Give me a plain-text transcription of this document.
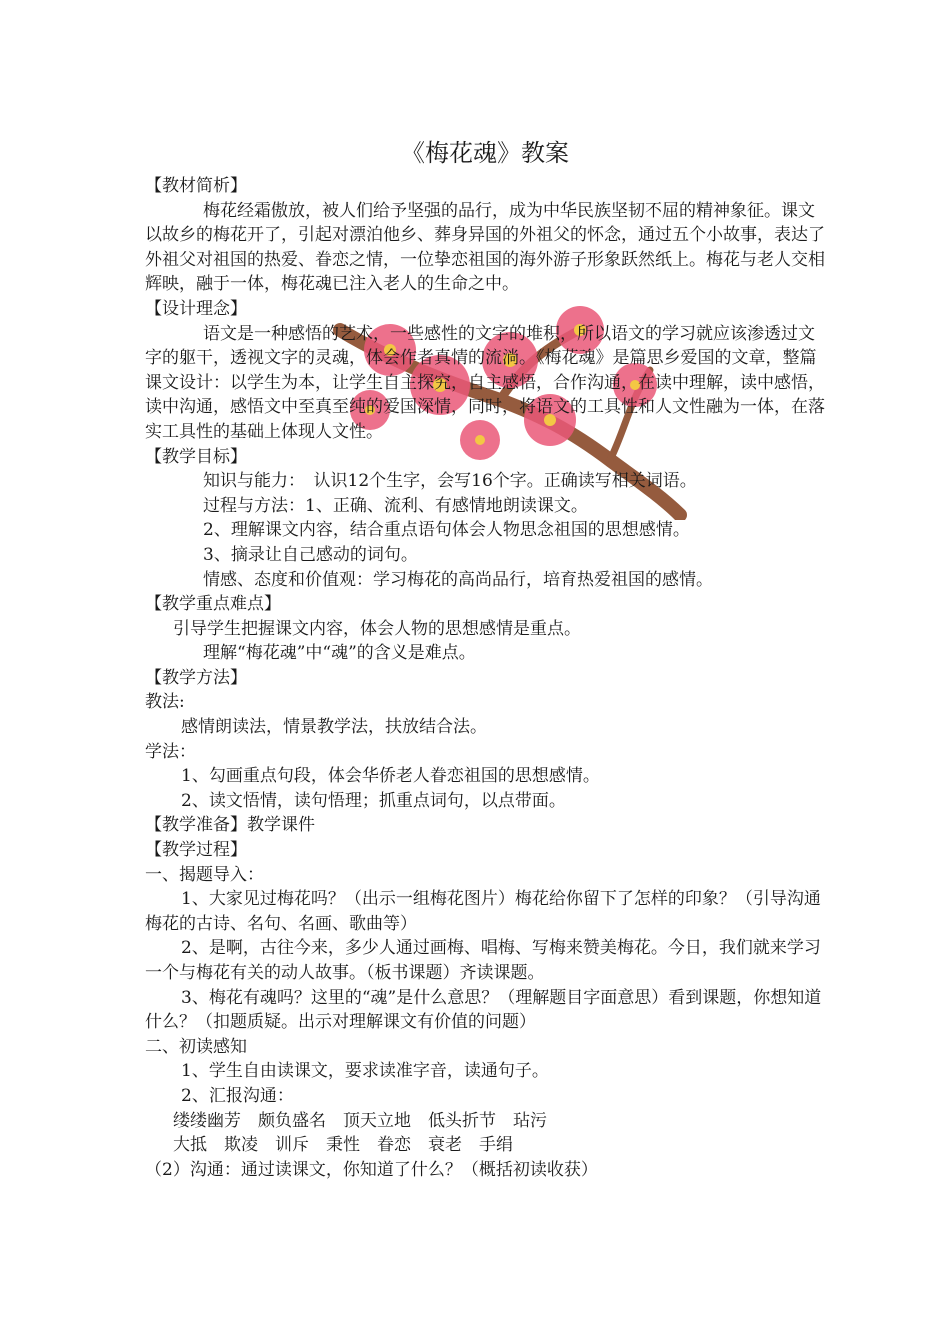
《梅花魂》教案

【教材简析】

梅花经霜傲放，被人们给予坚强的品行，成为中华民族坚韧不屈的精神象征。课文以故乡的梅花开了，引起对漂泊他乡、葬身异国的外祖父的怀念，通过五个小故事，表达了外祖父对祖国的热爱、眷恋之情，一位挚恋祖国的海外游子形象跃然纸上。梅花与老人交相辉映，融于一体，梅花魂已注入老人的生命之中。

【设计理念】

语文是一种感悟的艺术，一些感性的文字的堆积，所以语文的学习就应该渗透过文字的躯干，透视文字的灵魂，体会作者真情的流淌。《梅花魂》是篇思乡爱国的文章，整篇课文设计：以学生为本，让学生自主探究，自主感悟，合作沟通，在读中理解，读中感悟，读中沟通，感悟文中至真至纯的爱国深情，同时，将语文的工具性和人文性融为一体，在落实工具性的基础上体现人文性。

【教学目标】

知识与能力：　认识12个生字，会写16个字。正确读写相关词语。

过程与方法：1、正确、流利、有感情地朗读课文。

2、理解课文内容，结合重点语句体会人物思念祖国的思想感情。

3、摘录让自己感动的词句。

情感、态度和价值观：学习梅花的高尚品行，培育热爱祖国的感情。

【教学重点难点】

引导学生把握课文内容，体会人物的思想感情是重点。

理解“梅花魂”中“魂”的含义是难点。

【教学方法】

教法:

感情朗读法，情景教学法，扶放结合法。

学法：

1、勾画重点句段，体会华侨老人眷恋祖国的思想感情。

2、读文悟情，读句悟理；抓重点词句，以点带面。

【教学准备】教学课件

【教学过程】

一、揭题导入：

1、大家见过梅花吗？（出示一组梅花图片）梅花给你留下了怎样的印象？（引导沟通梅花的古诗、名句、名画、歌曲等）

2、是啊，古往今来，多少人通过画梅、唱梅、写梅来赞美梅花。今日，我们就来学习一个与梅花有关的动人故事。（板书课题）齐读课题。

3、梅花有魂吗？这里的“魂”是什么意思？（理解题目字面意思）看到课题，你想知道什么？（扣题质疑。出示对理解课文有价值的问题）

二、初读感知

1、学生自由读课文，要求读准字音，读通句子。

2、汇报沟通：

缕缕幽芳　颇负盛名　顶天立地　低头折节　玷污

大抵　欺凌　训斥　秉性　眷恋　衰老　手绢

（2）沟通：通过读课文，你知道了什么？（概括初读收获）
